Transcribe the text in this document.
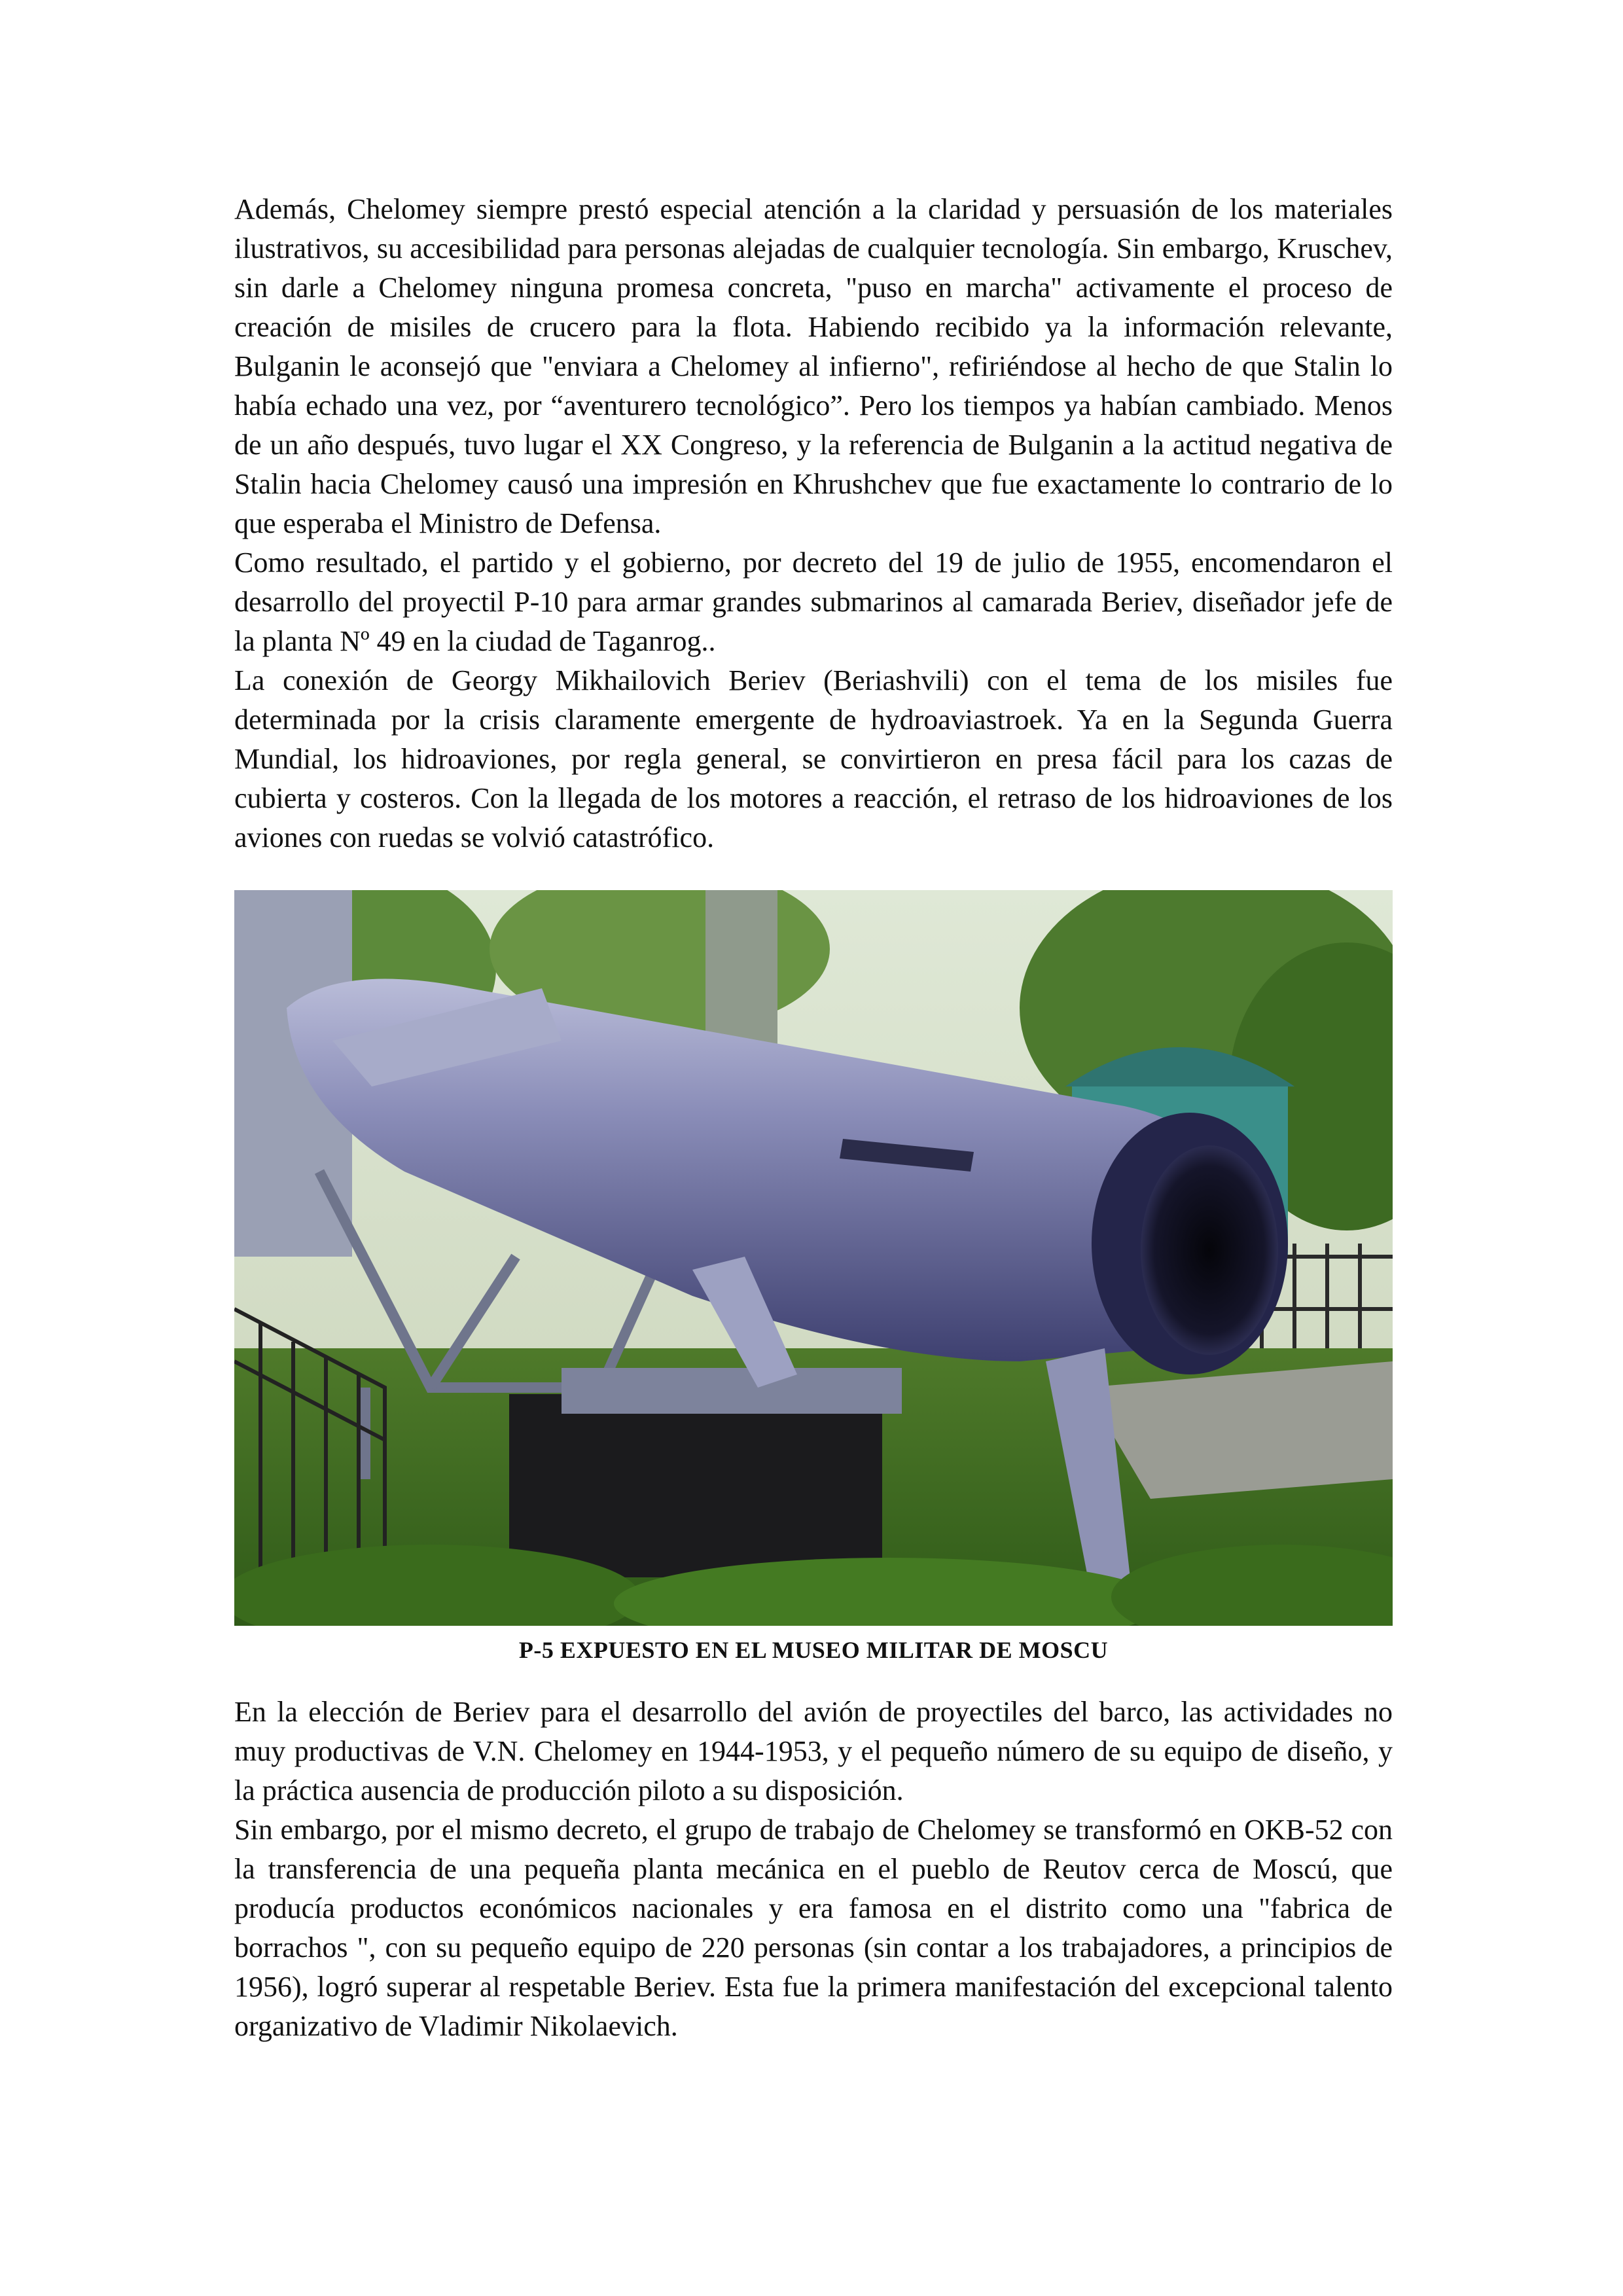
Además, Chelomey siempre prestó especial atención a la claridad y persuasión de los materiales ilustrativos, su accesibilidad para personas alejadas de cualquier tecnología. Sin embargo, Kruschev, sin darle a Chelomey ninguna promesa concreta, "puso en marcha" activamente el proceso de creación de misiles de crucero para la flota. Habiendo recibido ya la información relevante, Bulganin le aconsejó que "enviara a Chelomey al infierno", refiriéndose al hecho de que Stalin lo había echado una vez, por “aventurero tecnológico”. Pero los tiempos ya habían cambiado. Menos de un año después, tuvo lugar el XX Congreso, y la referencia de Bulganin a la actitud negativa de Stalin hacia Chelomey causó una impresión en Khrushchev que fue exactamente lo contrario de lo que esperaba el Ministro de Defensa.

Como resultado, el partido y el gobierno, por decreto del 19 de julio de 1955, encomendaron el desarrollo del proyectil P-10 para armar grandes submarinos al camarada Beriev, diseñador jefe de la planta Nº 49 en la ciudad de Taganrog..

La conexión de Georgy Mikhailovich Beriev (Beriashvili) con el tema de los misiles fue determinada por la crisis claramente emergente de hydroaviastroek. Ya en la Segunda Guerra Mundial, los hidroaviones, por regla general, se convirtieron en presa fácil para los cazas de cubierta y costeros. Con la llegada de los motores a reacción, el retraso de los hidroaviones de los aviones con ruedas se volvió catastrófico.

P-5 EXPUESTO EN EL MUSEO MILITAR DE MOSCU

En la elección de Beriev para el desarrollo del avión de proyectiles del barco, las actividades no muy productivas de V.N. Chelomey en 1944-1953, y el pequeño número de su equipo de diseño, y la práctica ausencia de producción piloto a su disposición.

Sin embargo, por el mismo decreto, el grupo de trabajo de Chelomey se transformó en OKB-52 con la transferencia de una pequeña planta mecánica en el pueblo de Reutov cerca de Moscú, que producía productos económicos nacionales y era famosa en el distrito como una "fabrica de borrachos ", con su pequeño equipo de 220 personas (sin contar a los trabajadores, a principios de 1956), logró superar al respetable Beriev. Esta fue la primera manifestación del excepcional talento organizativo de Vladimir Nikolaevich.
